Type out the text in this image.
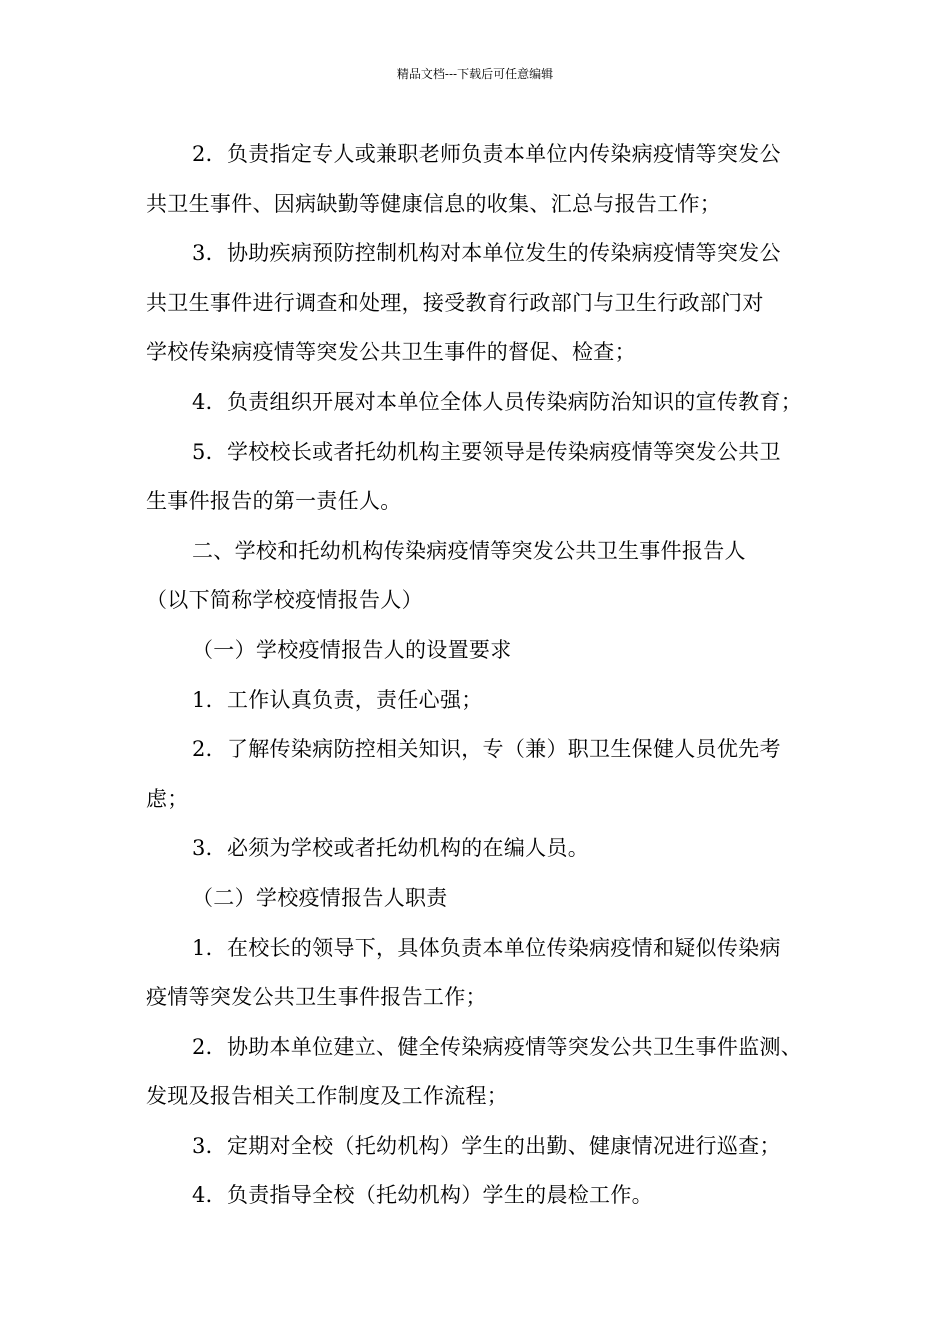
精品文档---下载后可任意编辑
2．负责指定专人或兼职老师负责本单位内传染病疫情等突发公
共卫生事件、因病缺勤等健康信息的收集、汇总与报告工作；
3．协助疾病预防控制机构对本单位发生的传染病疫情等突发公
共卫生事件进行调查和处理，接受教育行政部门与卫生行政部门对
学校传染病疫情等突发公共卫生事件的督促、检查；
4．负责组织开展对本单位全体人员传染病防治知识的宣传教育；
5．学校校长或者托幼机构主要领导是传染病疫情等突发公共卫
生事件报告的第一责任人。
二、学校和托幼机构传染病疫情等突发公共卫生事件报告人
（以下简称学校疫情报告人）
（一）学校疫情报告人的设置要求
1．工作认真负责，责任心强；
2．了解传染病防控相关知识，专（兼）职卫生保健人员优先考
虑；
3．必须为学校或者托幼机构的在编人员。
（二）学校疫情报告人职责
1．在校长的领导下，具体负责本单位传染病疫情和疑似传染病
疫情等突发公共卫生事件报告工作；
2．协助本单位建立、健全传染病疫情等突发公共卫生事件监测、
发现及报告相关工作制度及工作流程；
3．定期对全校（托幼机构）学生的出勤、健康情况进行巡查；
4．负责指导全校（托幼机构）学生的晨检工作。
